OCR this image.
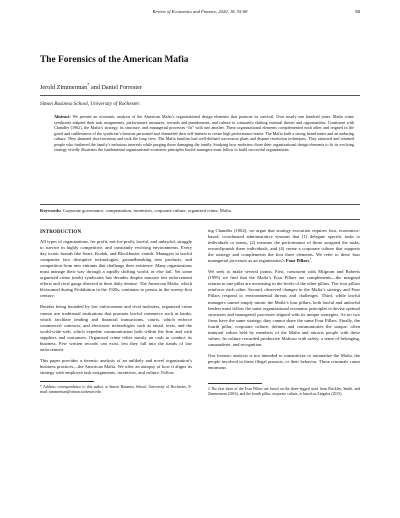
Review of Economics and Finance, 2020, 18, 55-68	55
The Forensics of the American Mafia
Jerold Zimmerman* and Daniel Forrester
Simon Business School, University of Rochester.

Abstract: We present an economic analysis of the American Mafia’s organizational design elements that promote its survival. Over nearly one hundred years, Mafia crime syndicates adapted their task assignments, performance measures, rewards and punishments, and culture to constantly shifting external threats and opportunities. Consistent with Chandler (1962), the Mafia’s strategy, its structure, and managerial processes “fit” with one another. These organizational elements complemented each other and reigned in the greed and ruthlessness of the syndicate’s henious personnel and channeled their self-interest to create high performance teams. The Mafia built a strong brand name and an enduring culture. They shunned short-termism and took the long view. The Mafia families had well-defined succession plans and dispute resolution techniques. They attracted and retained people who furthered the family’s nefarious interests while purging those damaging the family. Studying how mobsters chose their organizational design elements to fit its evolving strategy vividly illustrates the fundamental organizational economic principles lawful managers must follow to build successful organizations.

Keywords: Corporate governance, compensation, incentives, corporate culture, organized crime, Mafia.

INTRODUCTION

All types of organizations, for profit, not-for-profit, lawful, and unlawful, struggle to survive in highly competitive, and constantly evolving environments. Every day iconic brands like Sears, Kodak, and Blockbuster vanish. Managers in lawful companies face disruptive technologies, groundbreaking new products, and competition from new entrants that challenge their existence. Many organizations must manage their way through a rapidly shifting world, or else fail. Yet some organized crime (mob) syndicates last decades despite massive law enforcement efforts and rival gangs directed at their daily demise. The American Mafia, which blossomed during Prohibition in the 1920s, continues to persist in the twenty-first century.

Besides being hounded by law enforcement and rival mobsters, organized crime cannot use traditional institutions that promote lawful commerce such as banks, which facilitate lending and financial transactions, courts, which enforce commercial contracts, and electronic technologies such as email, texts, and the world-wide-web, which expedite communication both within the firm and with suppliers and customers. Organized crime relies mostly on cash to conduct its business. Few written records can exist, lest they fall into the hands of law enforcement.

This paper provides a forensic analysis of an unlikely and novel organization’s business practices—the American Mafia. We offer an autopsy of how it aligns its strategy with employee task assignments, incentives, and culture. Follow

* Address correspondence to this author at Simon Business School, University of Rochester; E-mail: zimmerman@simon.rochester.edu

ing Chandler (1962), we argue that strategy execution requires four, economics-based, coordinated administrative systems that (1) delegate specific tasks to individuals or teams, (2) measure the performance of those assigned the tasks, reward/punish these individuals, and (4) create a corporate culture that supports the strategy and complements the first three elements. We refer to these four managerial processes as an organization’s Four Pillars$^1$.

We seek to make several points. First, consistent with Milgrom and Roberts (1995) we find that the Mafia’s Four Pillars are complements—the marginal returns to one pillar are increasing in the levels of the other pillars. The four pillars reinforce each other. Second, observed changes in the Mafia’s strategy and Four Pillars respond to environmental threats and challenges. Third, while lawful managers cannot simply mimic the Mafia’s four pillars, both lawful and unlawful leaders must follow the same organizational economic principles to devise optimal structures and managerial processes aligned with its unique strategies. As no two firms have the same strategy, they cannot share the same Four Pillars. Finally, the fourth pillar, corporate culture, defines and communicates the unique, often immoral values held by members of the Mafia and attracts people with these values. Its culture rewarded productive Mafioso with safety, a sense of belonging, camaraderie, and recognition.

Our forensic analysis is not intended to romanticize or rationalize the Mafia, the people involved in these illegal pursuits, or their behavior. These criminals cause enormous

1 The first three of the Four Pillars are based on the three-legged stool from Brickley, Smith, and Zimmerman (2016), and the fourth pillar, corporate culture, is based on Zingales (2015).
